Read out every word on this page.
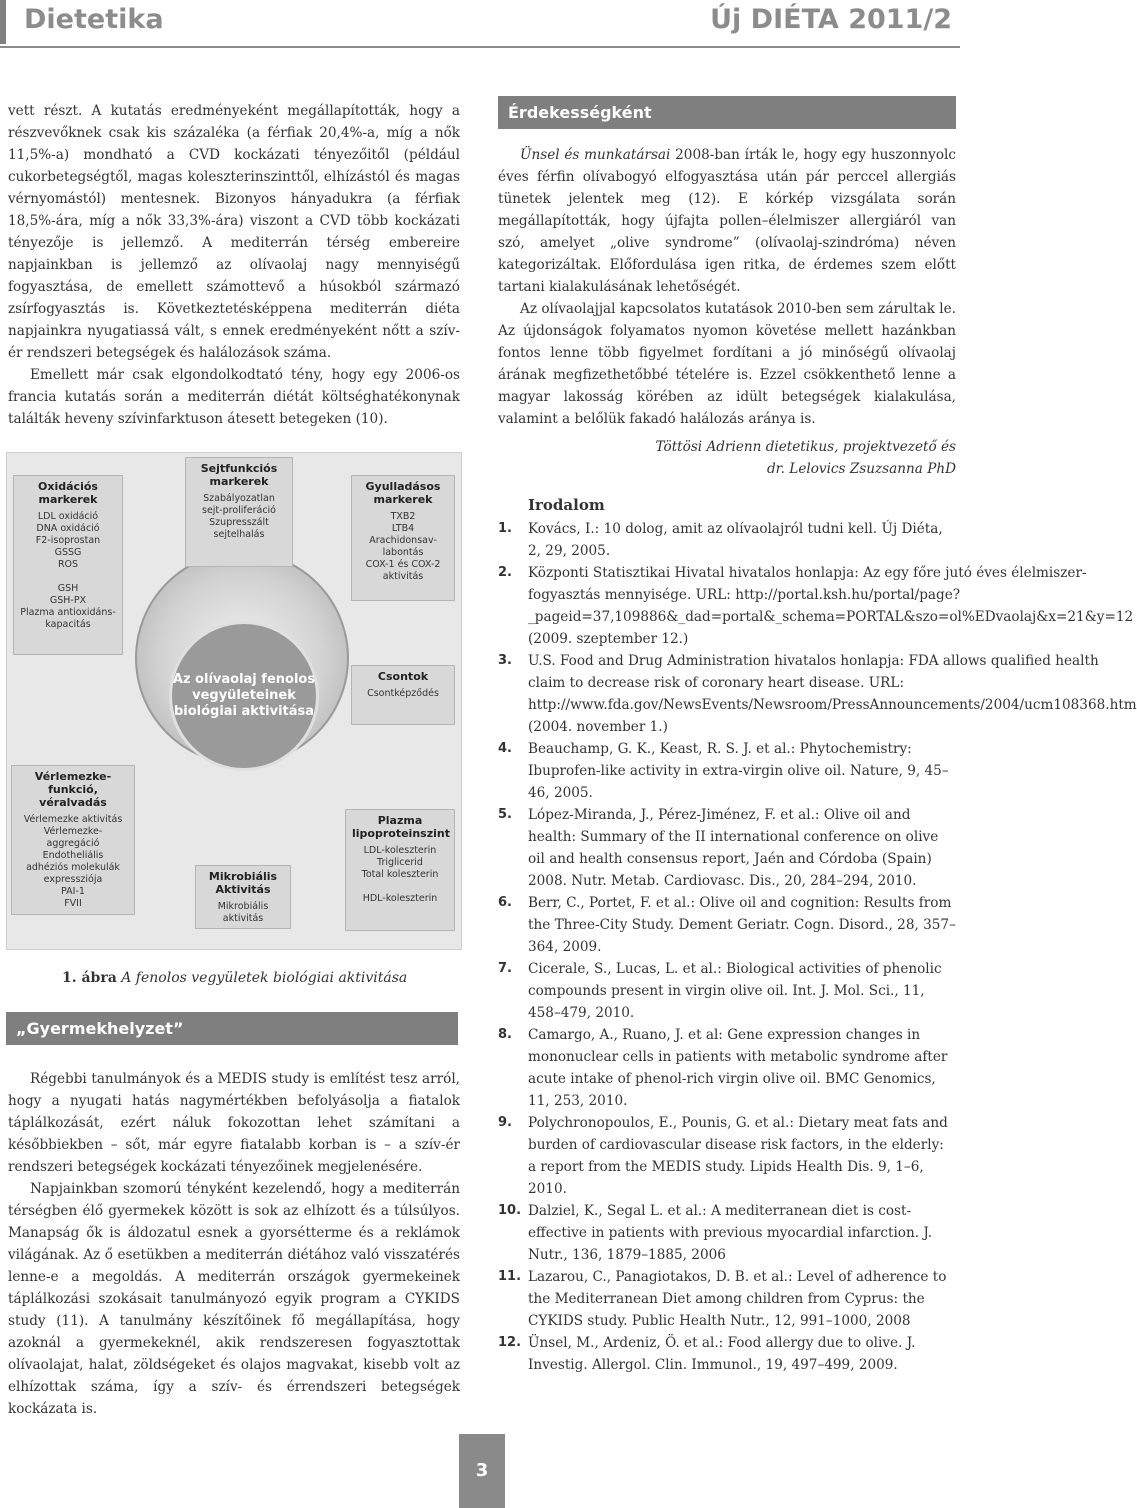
Dietetika	Új DIÉTA 2011/2

vett részt. A kutatás eredményeként megállapították, hogy a részvevőknek csak kis százaléka (a férfiak 20,4%-a, míg a nők 11,5%-a) mondható a CVD kockázati tényezőitől (például cukorbetegségtől, magas koleszterinszinttől, elhízástól és magas vérnyomástól) mentesnek. Bizonyos hányadukra (a férfiak 18,5%-ára, míg a nők 33,3%-ára) viszont a CVD több kockázati tényezője is jellemző. A mediterrán térség embereire napjainkban is jellemző az olívaolaj nagy mennyiségű fogyasztása, de emellett számottevő a húsokból származó zsírfogyasztás is. Következtetésképpena mediterrán diéta napjainkra nyugatiassá vált, s ennek eredményeként nőtt a szív-ér rendszeri betegségek és halálozások száma.

Emellett már csak elgondolkodtató tény, hogy egy 2006-os francia kutatás során a mediterrán diétát költséghatékonynak találták heveny szívinfarktuson átesett betegeken (10).

Az olívaolaj fenolos vegyületeinek biológiai aktivitása
Oxidációs markerek
LDL oxidáció
DNA oxidáció
F2-isoprostan
GSSG
ROS
GSH
GSH-PX
Plazma antioxidáns-
kapacitás
Sejtfunkciós markerek
Szabályozatlan
sejt-proliferáció
Szupresszált
sejtelhalás
Gyulladásos markerek
TXB2
LTB4
Arachidonsav-
labontás
COX-1 és COX-2
aktivitás
Csontok
Csontképződés
Vérlemezke-funkció, véralvadás
Vérlemezke aktivitás
Vérlemezke-
aggregáció
Endotheliális
adhéziós molekulák
expressziója
PAI-1
FVII
Mikrobiális Aktivitás
Mikrobiális aktivitás
Plazma lipoproteinszint
LDL-koleszterin
Triglicerid
Total koleszterin
HDL-koleszterin
1. ábra A fenolos vegyületek biológiai aktivitása
„Gyermekhelyzet”

Régebbi tanulmányok és a MEDIS study is említést tesz arról, hogy a nyugati hatás nagymértékben befolyásolja a fiatalok táplálkozását, ezért náluk fokozottan lehet számítani a későbbiekben – sőt, már egyre fiatalabb korban is – a szív-ér rendszeri betegségek kockázati tényezőinek megjelenésére.

Napjainkban szomorú tényként kezelendő, hogy a mediterrán térségben élő gyermekek között is sok az elhízott és a túlsúlyos. Manapság ők is áldozatul esnek a gyorsétterme és a reklámok világának. Az ő esetükben a mediterrán diétához való visszatérés lenne-e a megoldás. A mediterrán országok gyermekeinek táplálkozási szokásait tanulmányozó egyik program a CYKIDS study (11). A tanulmány készítőinek fő megállapítása, hogy azoknál a gyermekeknél, akik rendszeresen fogyasztottak olívaolajat, halat, zöldségeket és olajos magvakat, kisebb volt az elhízottak száma, így a szív- és érrendszeri betegségek kockázata is.

Érdekességként

Ünsel és munkatársai 2008-ban írták le, hogy egy huszonnyolc éves férfin olívabogyó elfogyasztása után pár perccel allergiás tünetek jelentek meg (12). E kórkép vizsgálata során megállapították, hogy újfajta pollen–élelmiszer allergiáról van szó, amelyet „olive syndrome” (olívaolaj-szindróma) néven kategorizáltak. Előfordulása igen ritka, de érdemes szem előtt tartani kialakulásának lehetőségét.

Az olívaolajjal kapcsolatos kutatások 2010-ben sem zárultak le. Az újdonságok folyamatos nyomon követése mellett hazánkban fontos lenne több figyelmet fordítani a jó minőségű olívaolaj árának megfizethetőbbé tételére is. Ezzel csökkenthető lenne a magyar lakosság körében az idült betegségek kialakulása, valamint a belőlük fakadó halálozás aránya is.

Töttösi Adrienn dietetikus, projektvezető és

dr. Lelovics Zsuzsanna PhD

Irodalom
1.	Kovács, I.: 10 dolog, amit az olívaolajról tudni kell. Új Diéta, 2, 29, 2005.
2.	Központi Statisztikai Hivatal hivatalos honlapja: Az egy főre jutó éves élelmiszer-fogyasztás mennyisége. URL: http://portal.ksh.hu/portal/page?_pageid=37,109886&_dad=portal&_schema=PORTAL&szo=ol%EDvaolaj&x=21&y=12 (2009. szeptember 12.)
3.	U.S. Food and Drug Administration hivatalos honlapja: FDA allows qualified health claim to decrease risk of coronary heart disease. URL: http://www.fda.gov/NewsEvents/Newsroom/PressAnnouncements/2004/ucm108368.htm (2004. november 1.)
4.	Beauchamp, G. K., Keast, R. S. J. et al.: Phytochemistry: Ibuprofen-like activity in extra-virgin olive oil. Nature, 9, 45–46, 2005.
5.	López-Miranda, J., Pérez-Jiménez, F. et al.: Olive oil and health: Summary of the II international conference on olive oil and health consensus report, Jaén and Córdoba (Spain) 2008. Nutr. Metab. Cardiovasc. Dis., 20, 284–294, 2010.
6.	Berr, C., Portet, F. et al.: Olive oil and cognition: Results from the Three-City Study. Dement Geriatr. Cogn. Disord., 28, 357–364, 2009.
7.	Cicerale, S., Lucas, L. et al.: Biological activities of phenolic compounds present in virgin olive oil. Int. J. Mol. Sci., 11, 458–479, 2010.
8.	Camargo, A., Ruano, J. et al: Gene expression changes in mononuclear cells in patients with metabolic syndrome after acute intake of phenol-rich virgin olive oil. BMC Genomics, 11, 253, 2010.
9.	Polychronopoulos, E., Pounis, G. et al.: Dietary meat fats and burden of cardiovascular disease risk factors, in the elderly: a report from the MEDIS study. Lipids Health Dis. 9, 1–6, 2010.
10. Dalziel, K., Segal L. et al.: A mediterranean diet is cost-effective in patients with previous myocardial infarction. J. Nutr., 136, 1879–1885, 2006
11. Lazarou, C., Panagiotakos, D. B. et al.: Level of adherence to the Mediterranean Diet among children from Cyprus: the CYKIDS study. Public Health Nutr., 12, 991–1000, 2008
12. Ünsel, M., Ardeniz, Ö. et al.: Food allergy due to olive. J. Investig. Allergol. Clin. Immunol., 19, 497–499, 2009.
3
